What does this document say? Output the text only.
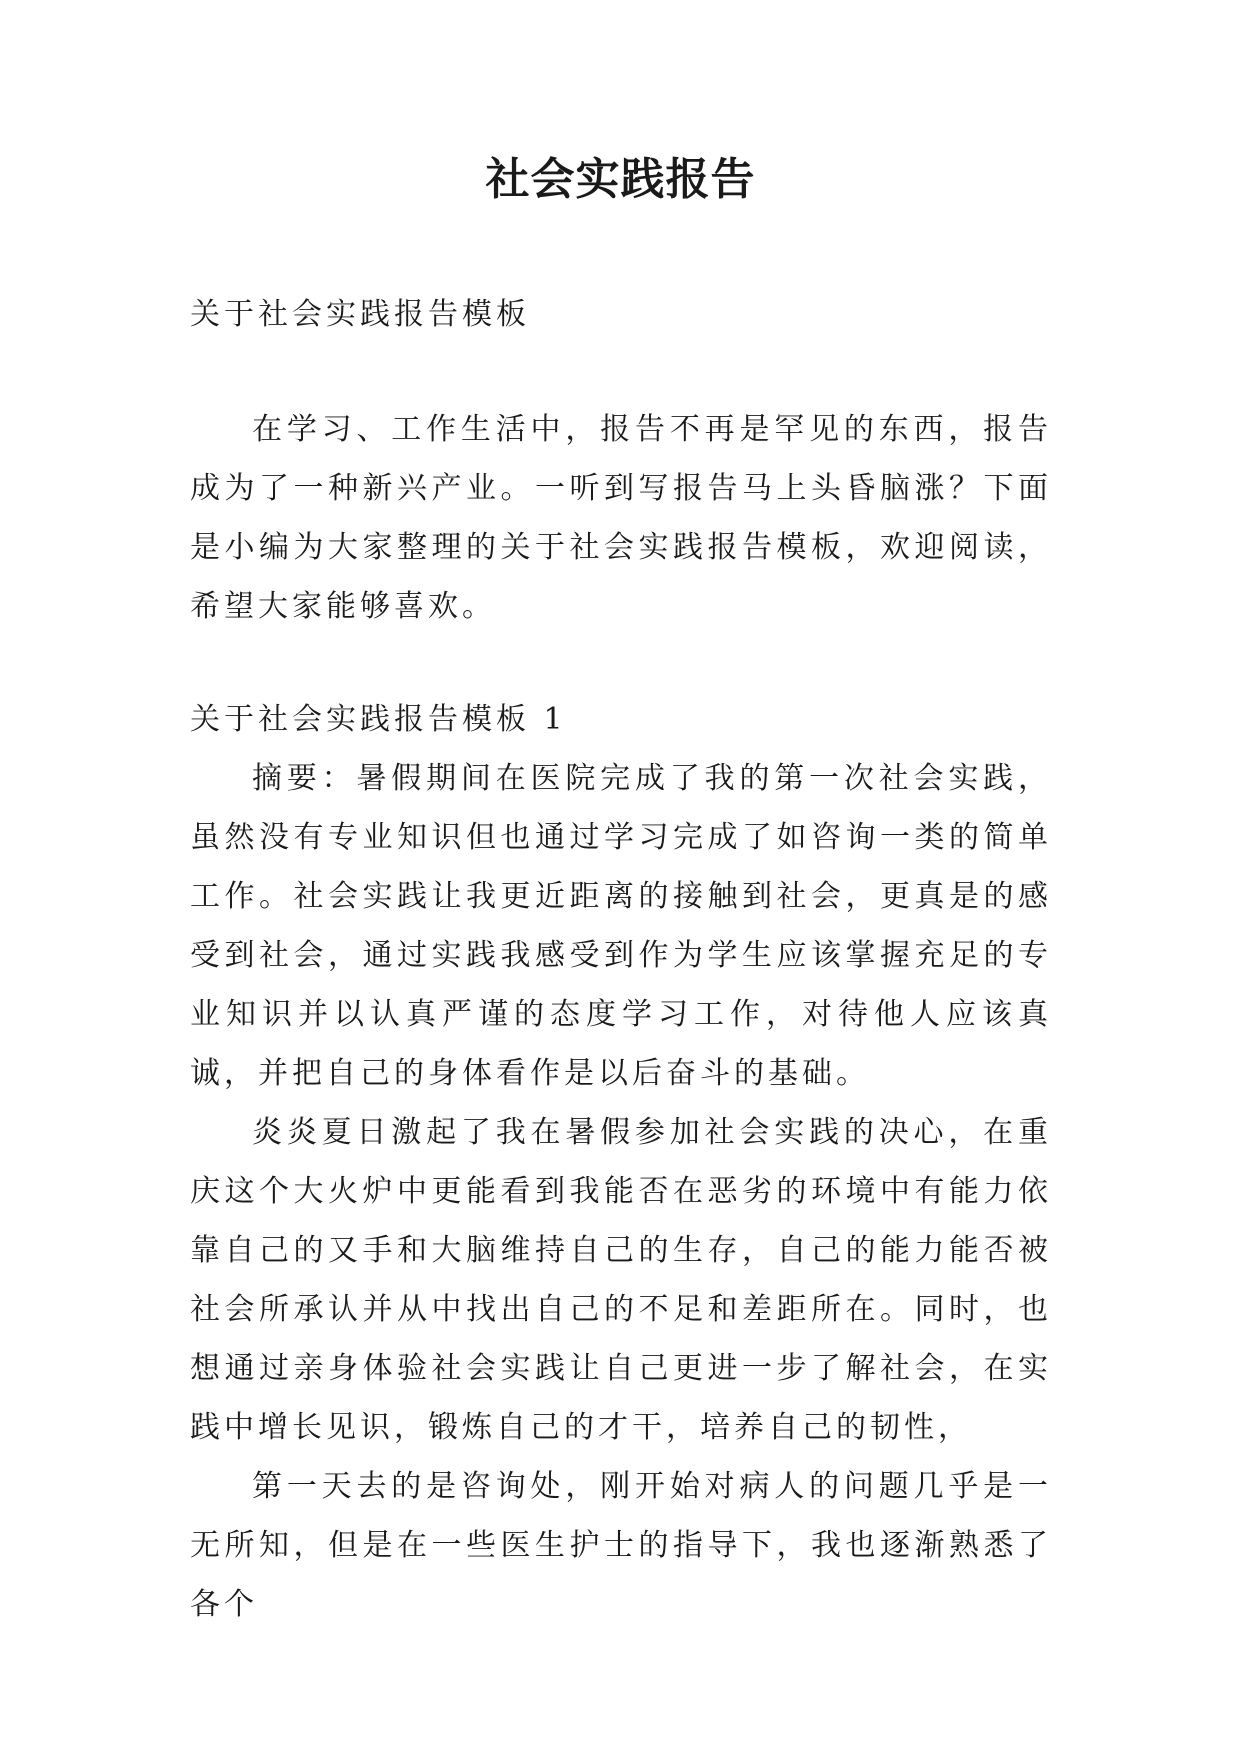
社会实践报告
关于社会实践报告模板
在学习、工作生活中，报告不再是罕见的东西，报告成为了一种新兴产业。一听到写报告马上头昏脑涨？下面是小编为大家整理的关于社会实践报告模板，欢迎阅读，希望大家能够喜欢。

关于社会实践报告模板 1

摘要：暑假期间在医院完成了我的第一次社会实践，虽然没有专业知识但也通过学习完成了如咨询一类的简单工作。社会实践让我更近距离的接触到社会，更真是的感受到社会，通过实践我感受到作为学生应该掌握充足的专业知识并以认真严谨的态度学习工作，对待他人应该真诚，并把自己的身体看作是以后奋斗的基础。

炎炎夏日激起了我在暑假参加社会实践的决心，在重庆这个大火炉中更能看到我能否在恶劣的环境中有能力依靠自己的又手和大脑维持自己的生存，自己的能力能否被社会所承认并从中找出自己的不足和差距所在。同时，也想通过亲身体验社会实践让自己更进一步了解社会，在实践中增长见识，锻炼自己的才干，培养自己的韧性，

第一天去的是咨询处，刚开始对病人的问题几乎是一无所知，但是在一些医生护士的指导下，我也逐渐熟悉了各个
